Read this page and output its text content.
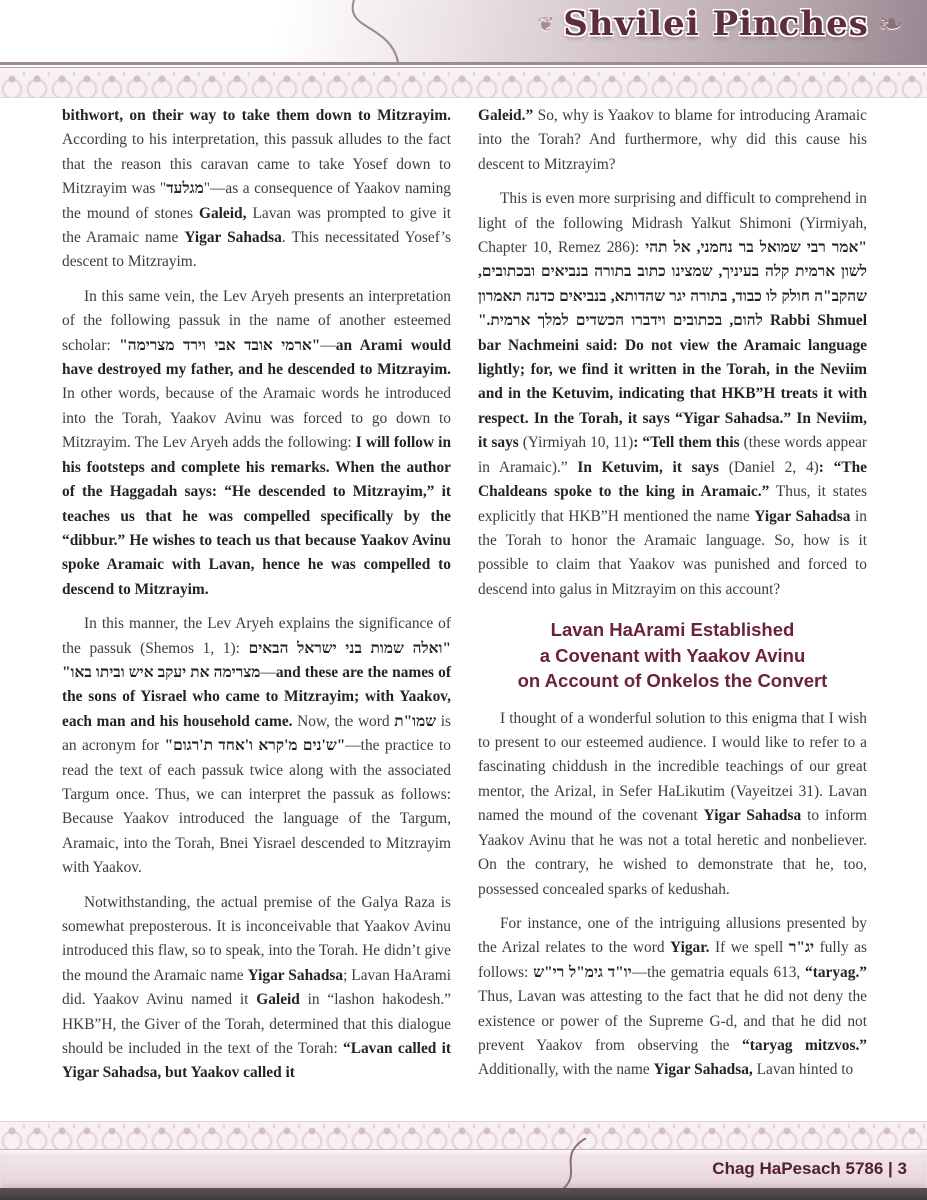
❦ Shvilei Pinches ❧

bithwort, on their way to take them down to Mitzrayim. According to his interpretation, this passuk alludes to the fact that the reason this caravan came to take Yosef down to Mitzrayim was "מגלעד"—as a consequence of Yaakov naming the mound of stones Galeid, Lavan was prompted to give it the Aramaic name Yigar Sahadsa. This necessitated Yosef’s descent to Mitzrayim.

In this same vein, the Lev Aryeh presents an interpretation of the following passuk in the name of another esteemed scholar: "ארמי אובד אבי וירד מצרימה"—an Arami would have destroyed my father, and he descended to Mitzrayim. In other words, because of the Aramaic words he introduced into the Torah, Yaakov Avinu was forced to go down to Mitzrayim. The Lev Aryeh adds the following: I will follow in his footsteps and complete his remarks. When the author of the Haggadah says: “He descended to Mitzrayim,” it teaches us that he was compelled specifically by the “dibbur.” He wishes to teach us that because Yaakov Avinu spoke Aramaic with Lavan, hence he was compelled to descend to Mitzrayim.

In this manner, the Lev Aryeh explains the significance of the passuk (Shemos 1, 1): "ואלה שמות בני ישראל הבאים מצרימה את יעקב איש וביתו באו"—and these are the names of the sons of Yisrael who came to Mitzrayim; with Yaakov, each man and his household came. Now, the word שמו"ת is an acronym for "ש'נים מ'קרא ו'אחד ת'רגום"—the practice to read the text of each passuk twice along with the associated Targum once. Thus, we can interpret the passuk as follows: Because Yaakov introduced the language of the Targum, Aramaic, into the Torah, Bnei Yisrael descended to Mitzrayim with Yaakov.

Notwithstanding, the actual premise of the Galya Raza is somewhat preposterous. It is inconceivable that Yaakov Avinu introduced this flaw, so to speak, into the Torah. He didn’t give the mound the Aramaic name Yigar Sahadsa; Lavan HaArami did. Yaakov Avinu named it Galeid in “lashon hakodesh.” HKB”H, the Giver of the Torah, determined that this dialogue should be included in the text of the Torah: “Lavan called it Yigar Sahadsa, but Yaakov called it

Galeid.” So, why is Yaakov to blame for introducing Aramaic into the Torah? And furthermore, why did this cause his descent to Mitzrayim?

This is even more surprising and difficult to comprehend in light of the following Midrash Yalkut Shimoni (Yirmiyah, Chapter 10, Remez 286): "אמר רבי שמואל בר נחמני, אל תהי לשון ארמית קלה בעיניך, שמצינו כתוב בתורה בנביאים ובכתובים, שהקב"ה חולק לו כבוד, בתורה יגר שהדותא, בנביאים כדנה תאמרון להום, בכתובים וידברו הכשדים למלך ארמית." Rabbi Shmuel bar Nachmeini said: Do not view the Aramaic language lightly; for, we find it written in the Torah, in the Neviim and in the Ketuvim, indicating that HKB”H treats it with respect. In the Torah, it says “Yigar Sahadsa.” In Neviim, it says (Yirmiyah 10, 11): “Tell them this (these words appear in Aramaic).” In Ketuvim, it says (Daniel 2, 4): “The Chaldeans spoke to the king in Aramaic.” Thus, it states explicitly that HKB”H mentioned the name Yigar Sahadsa in the Torah to honor the Aramaic language. So, how is it possible to claim that Yaakov was punished and forced to descend into galus in Mitzrayim on this account?

Lavan HaArami Established
a Covenant with Yaakov Avinu
on Account of Onkelos the Convert

I thought of a wonderful solution to this enigma that I wish to present to our esteemed audience. I would like to refer to a fascinating chiddush in the incredible teachings of our great mentor, the Arizal, in Sefer HaLikutim (Vayeitzei 31). Lavan named the mound of the covenant Yigar Sahadsa to inform Yaakov Avinu that he was not a total heretic and nonbeliever. On the contrary, he wished to demonstrate that he, too, possessed concealed sparks of kedushah.

For instance, one of the intriguing allusions presented by the Arizal relates to the word Yigar. If we spell יג"ר fully as follows: יו"ד גימ"ל רי"ש—the gematria equals 613, “taryag.” Thus, Lavan was attesting to the fact that he did not deny the existence or power of the Supreme G-d, and that he did not prevent Yaakov from observing the “taryag mitzvos.” Additionally, with the name Yigar Sahadsa, Lavan hinted to

Chag HaPesach 5786 | 3
